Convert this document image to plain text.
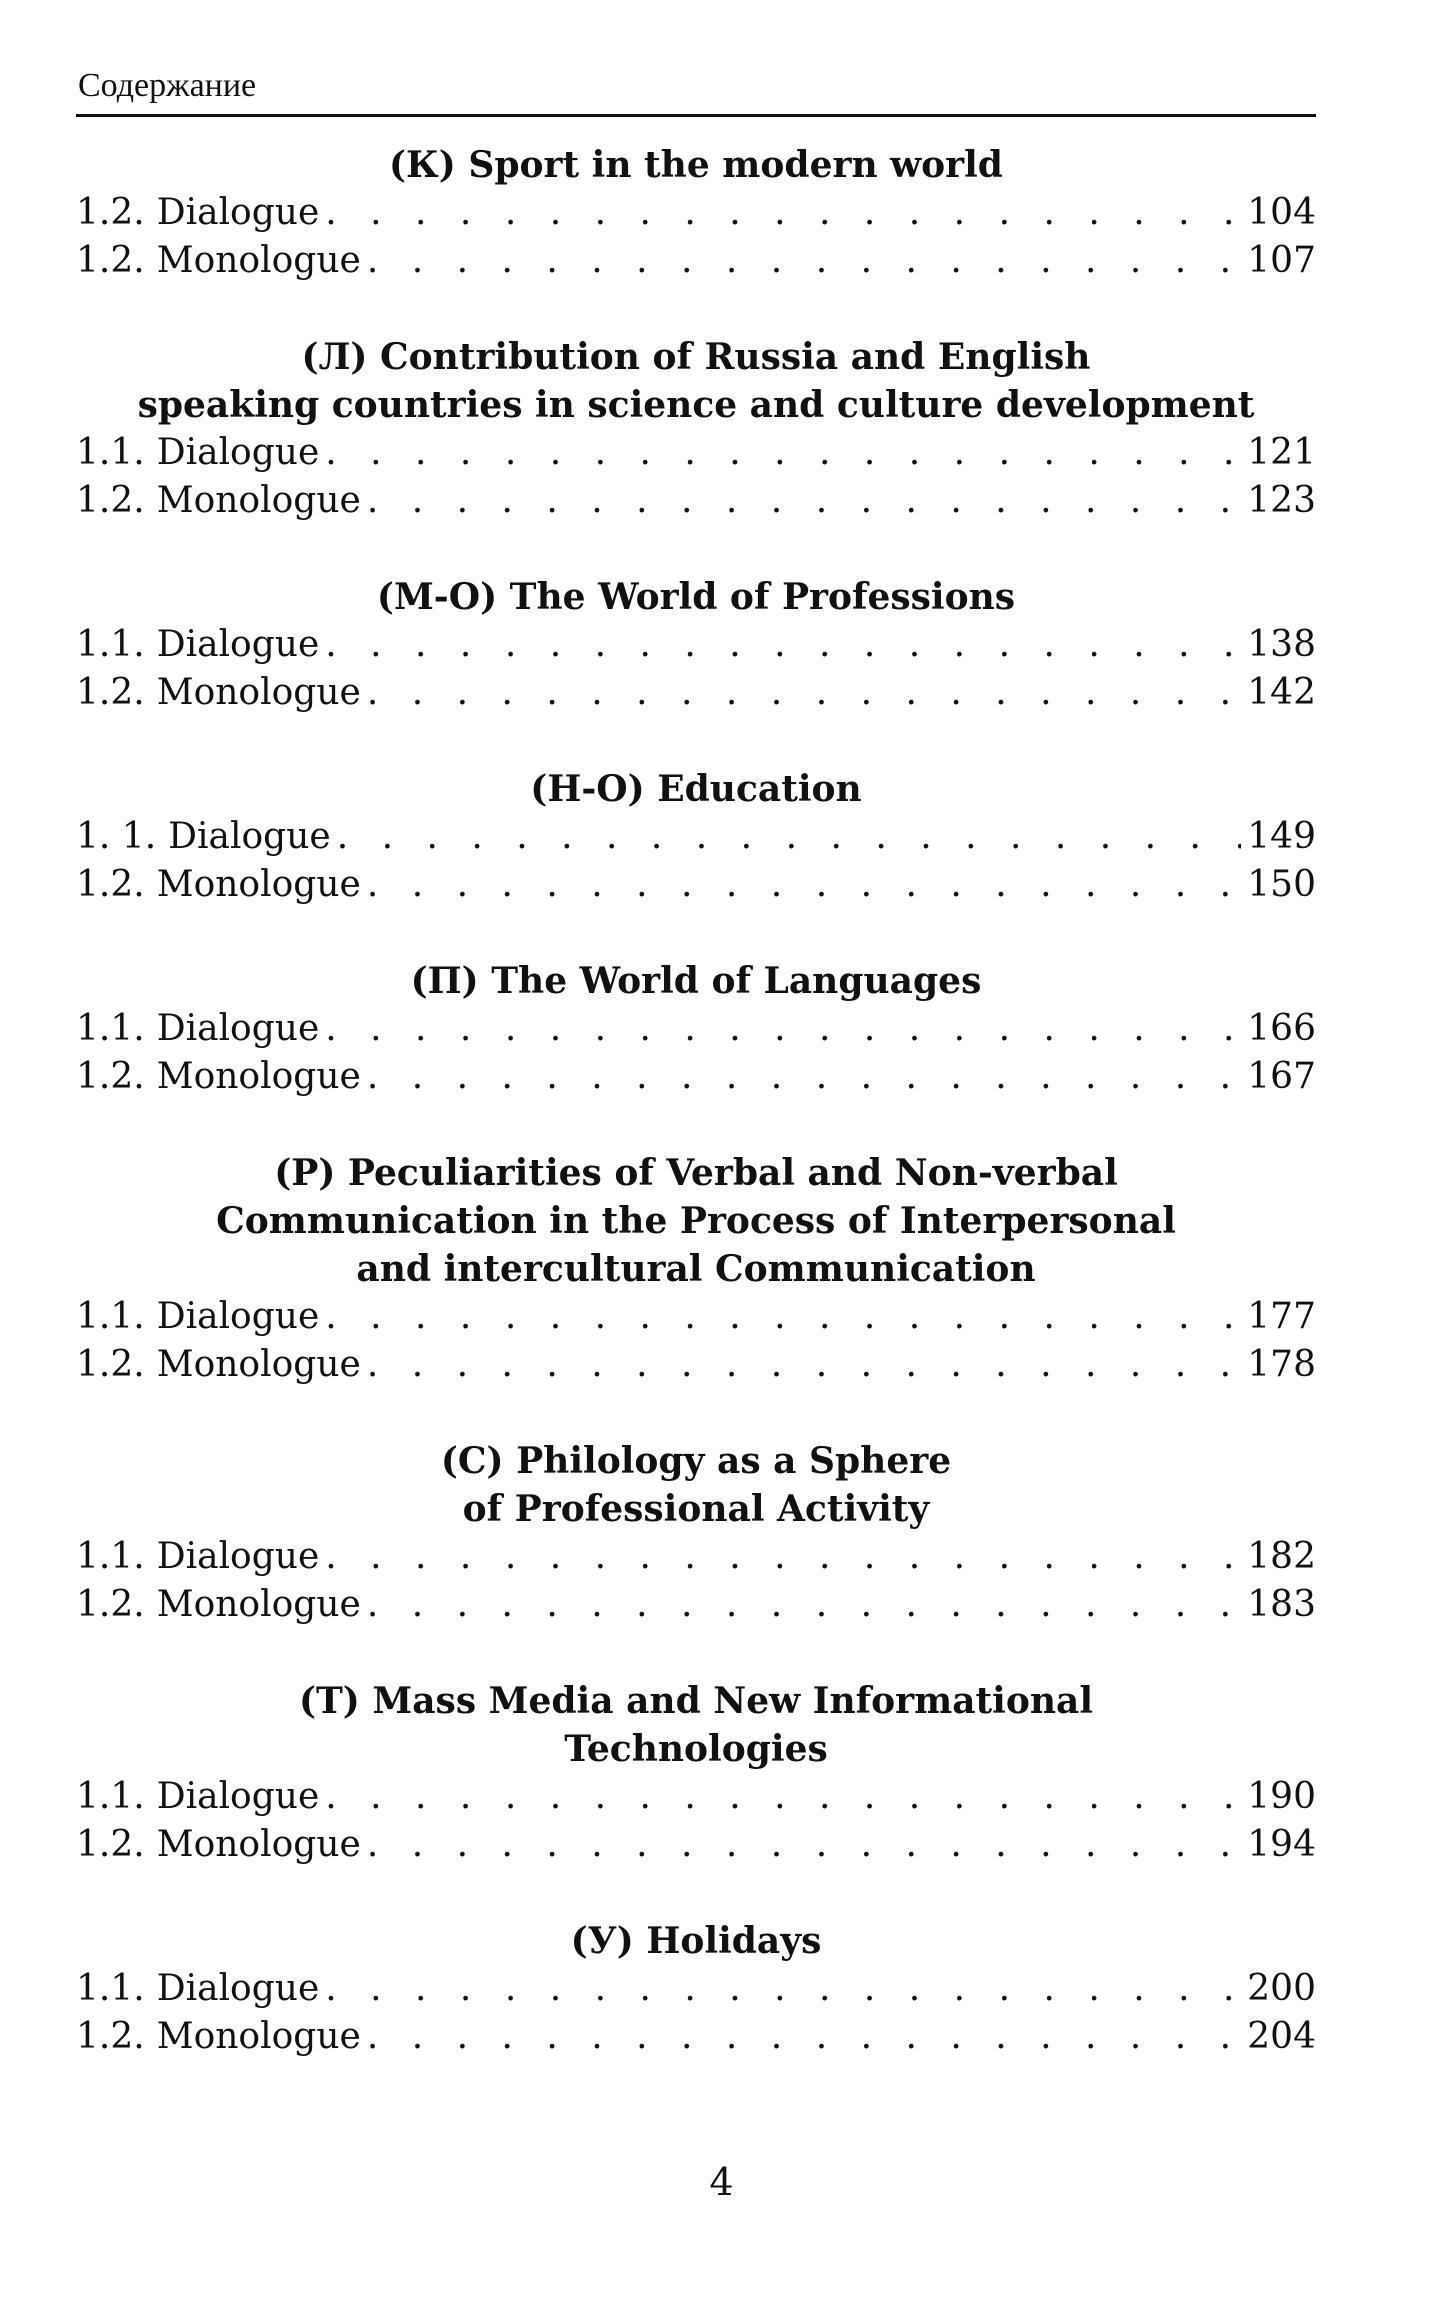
Содержание
(К) Sport in the modern world
1.2. Dialogue . . .	104
1.2. Monologue . . .	107
(Л) Contribution of Russia and English
speaking countries in science and culture development
1.1. Dialogue . . .	121
1.2. Monologue . . .	123
(М-О) The World of Professions
1.1. Dialogue . . .	138
1.2. Monologue . . .	142
(Н-О) Education
1. 1. Dialogue . . .	149
1.2. Monologue . . .	150
(П) The World of Languages
1.1. Dialogue . . .	166
1.2. Monologue . . .	167
(Р) Peculiarities of Verbal and Non-verbal
Communication in the Process of Interpersonal
and intercultural Communication
1.1. Dialogue . . .	177
1.2. Monologue . . .	178
(С) Philology as a Sphere
of Professional Activity
1.1. Dialogue . . .	182
1.2. Monologue . . .	183
(Т) Mass Media and New Informational
Technologies
1.1. Dialogue . . .	190
1.2. Monologue . . .	194
(У) Holidays
1.1. Dialogue . . .	200
1.2. Monologue . . .	204
4
